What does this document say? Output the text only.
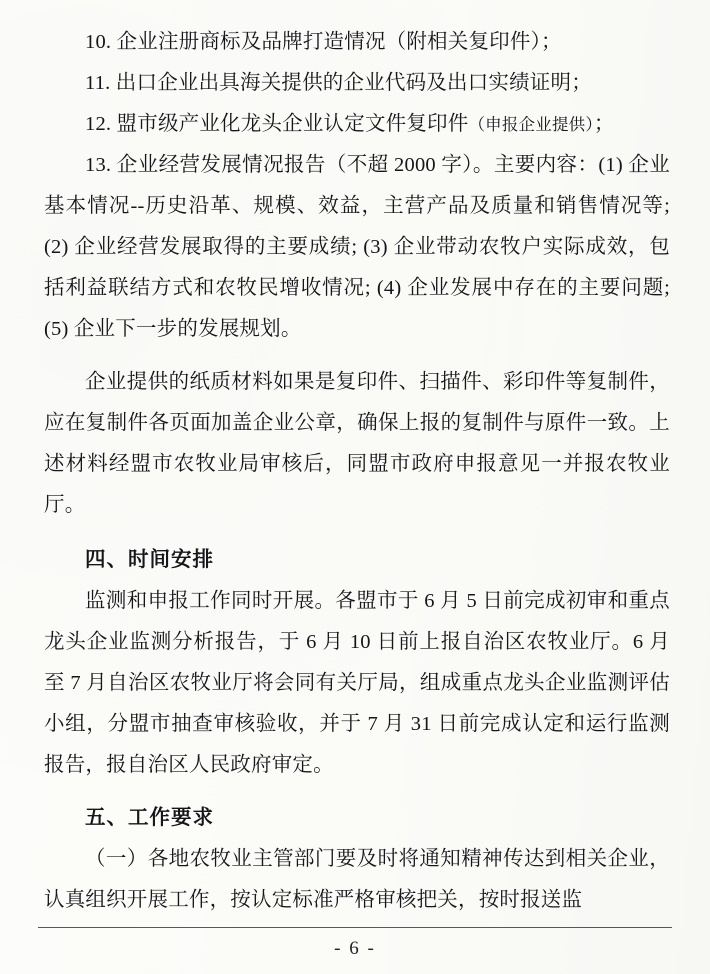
10. 企业注册商标及品牌打造情况（附相关复印件）；

11. 出口企业出具海关提供的企业代码及出口实绩证明；

12. 盟市级产业化龙头企业认定文件复印件（申报企业提供）；

13. 企业经营发展情况报告（不超 2000 字）。主要内容：(1) 企业基本情况--历史沿革、规模、效益，主营产品及质量和销售情况等; (2) 企业经营发展取得的主要成绩; (3) 企业带动农牧户实际成效，包括利益联结方式和农牧民增收情况; (4) 企业发展中存在的主要问题; (5) 企业下一步的发展规划。

企业提供的纸质材料如果是复印件、扫描件、彩印件等复制件，应在复制件各页面加盖企业公章，确保上报的复制件与原件一致。上述材料经盟市农牧业局审核后，同盟市政府申报意见一并报农牧业厅。

四、时间安排

监测和申报工作同时开展。各盟市于 6 月 5 日前完成初审和重点龙头企业监测分析报告，于 6 月 10 日前上报自治区农牧业厅。6 月至 7 月自治区农牧业厅将会同有关厅局，组成重点龙头企业监测评估小组，分盟市抽查审核验收，并于 7 月 31 日前完成认定和运行监测报告，报自治区人民政府审定。

五、工作要求

（一）各地农牧业主管部门要及时将通知精神传达到相关企业，认真组织开展工作，按认定标准严格审核把关，按时报送监

- 6 -
